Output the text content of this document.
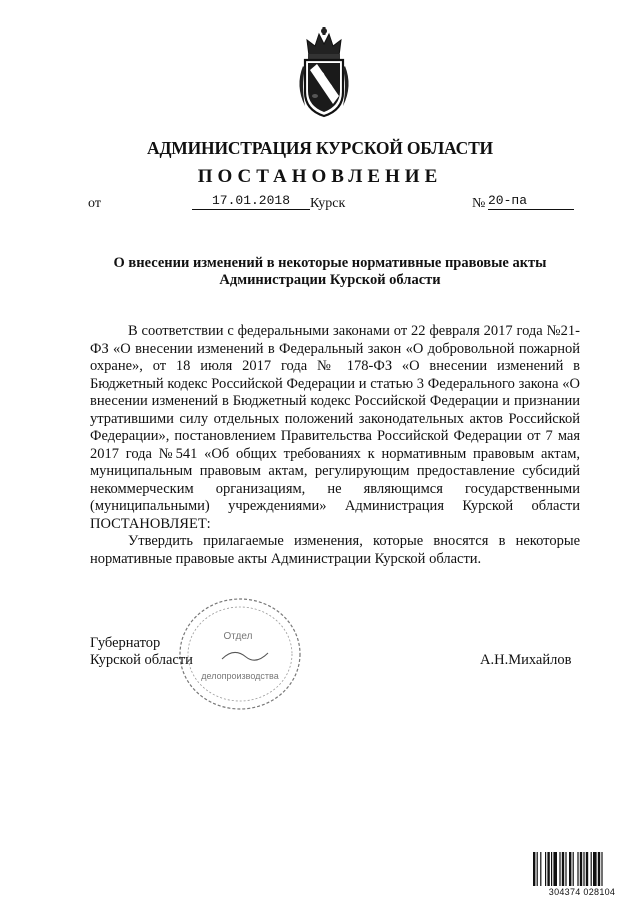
АДМИНИСТРАЦИЯ КУРСКОЙ ОБЛАСТИ
ПОСТАНОВЛЕНИЕ
от	17.01.2018	Курск	№ 20-па
О внесении изменений в некоторые нормативные правовые акты
Администрации Курской области

В соответствии с федеральными законами от 22 февраля 2017 года №21-ФЗ «О внесении изменений в Федеральный закон «О добровольной пожарной охране», от 18 июля 2017 года № 178-ФЗ «О внесении изменений в Бюджетный кодекс Российской Федерации и статью 3 Федерального закона «О внесении изменений в Бюджетный кодекс Российской Федерации и признании утратившими силу отдельных положений законодательных актов Российской Федерации», постановлением Правительства Российской Федерации от 7 мая 2017 года №541 «Об общих требованиях к нормативным правовым актам, муниципальным правовым актам, регулирующим предоставление субсидий некоммерческим организациям, не являющимся государственными (муниципальными) учреждениями» Администрация Курской области ПОСТАНОВЛЯЕТ:

Утвердить прилагаемые изменения, которые вносятся в некоторые нормативные правовые акты Администрации Курской области.

Отдел
делопроизводства
Губернатор
Курской области	А.Н.Михайлов
304374 028104
